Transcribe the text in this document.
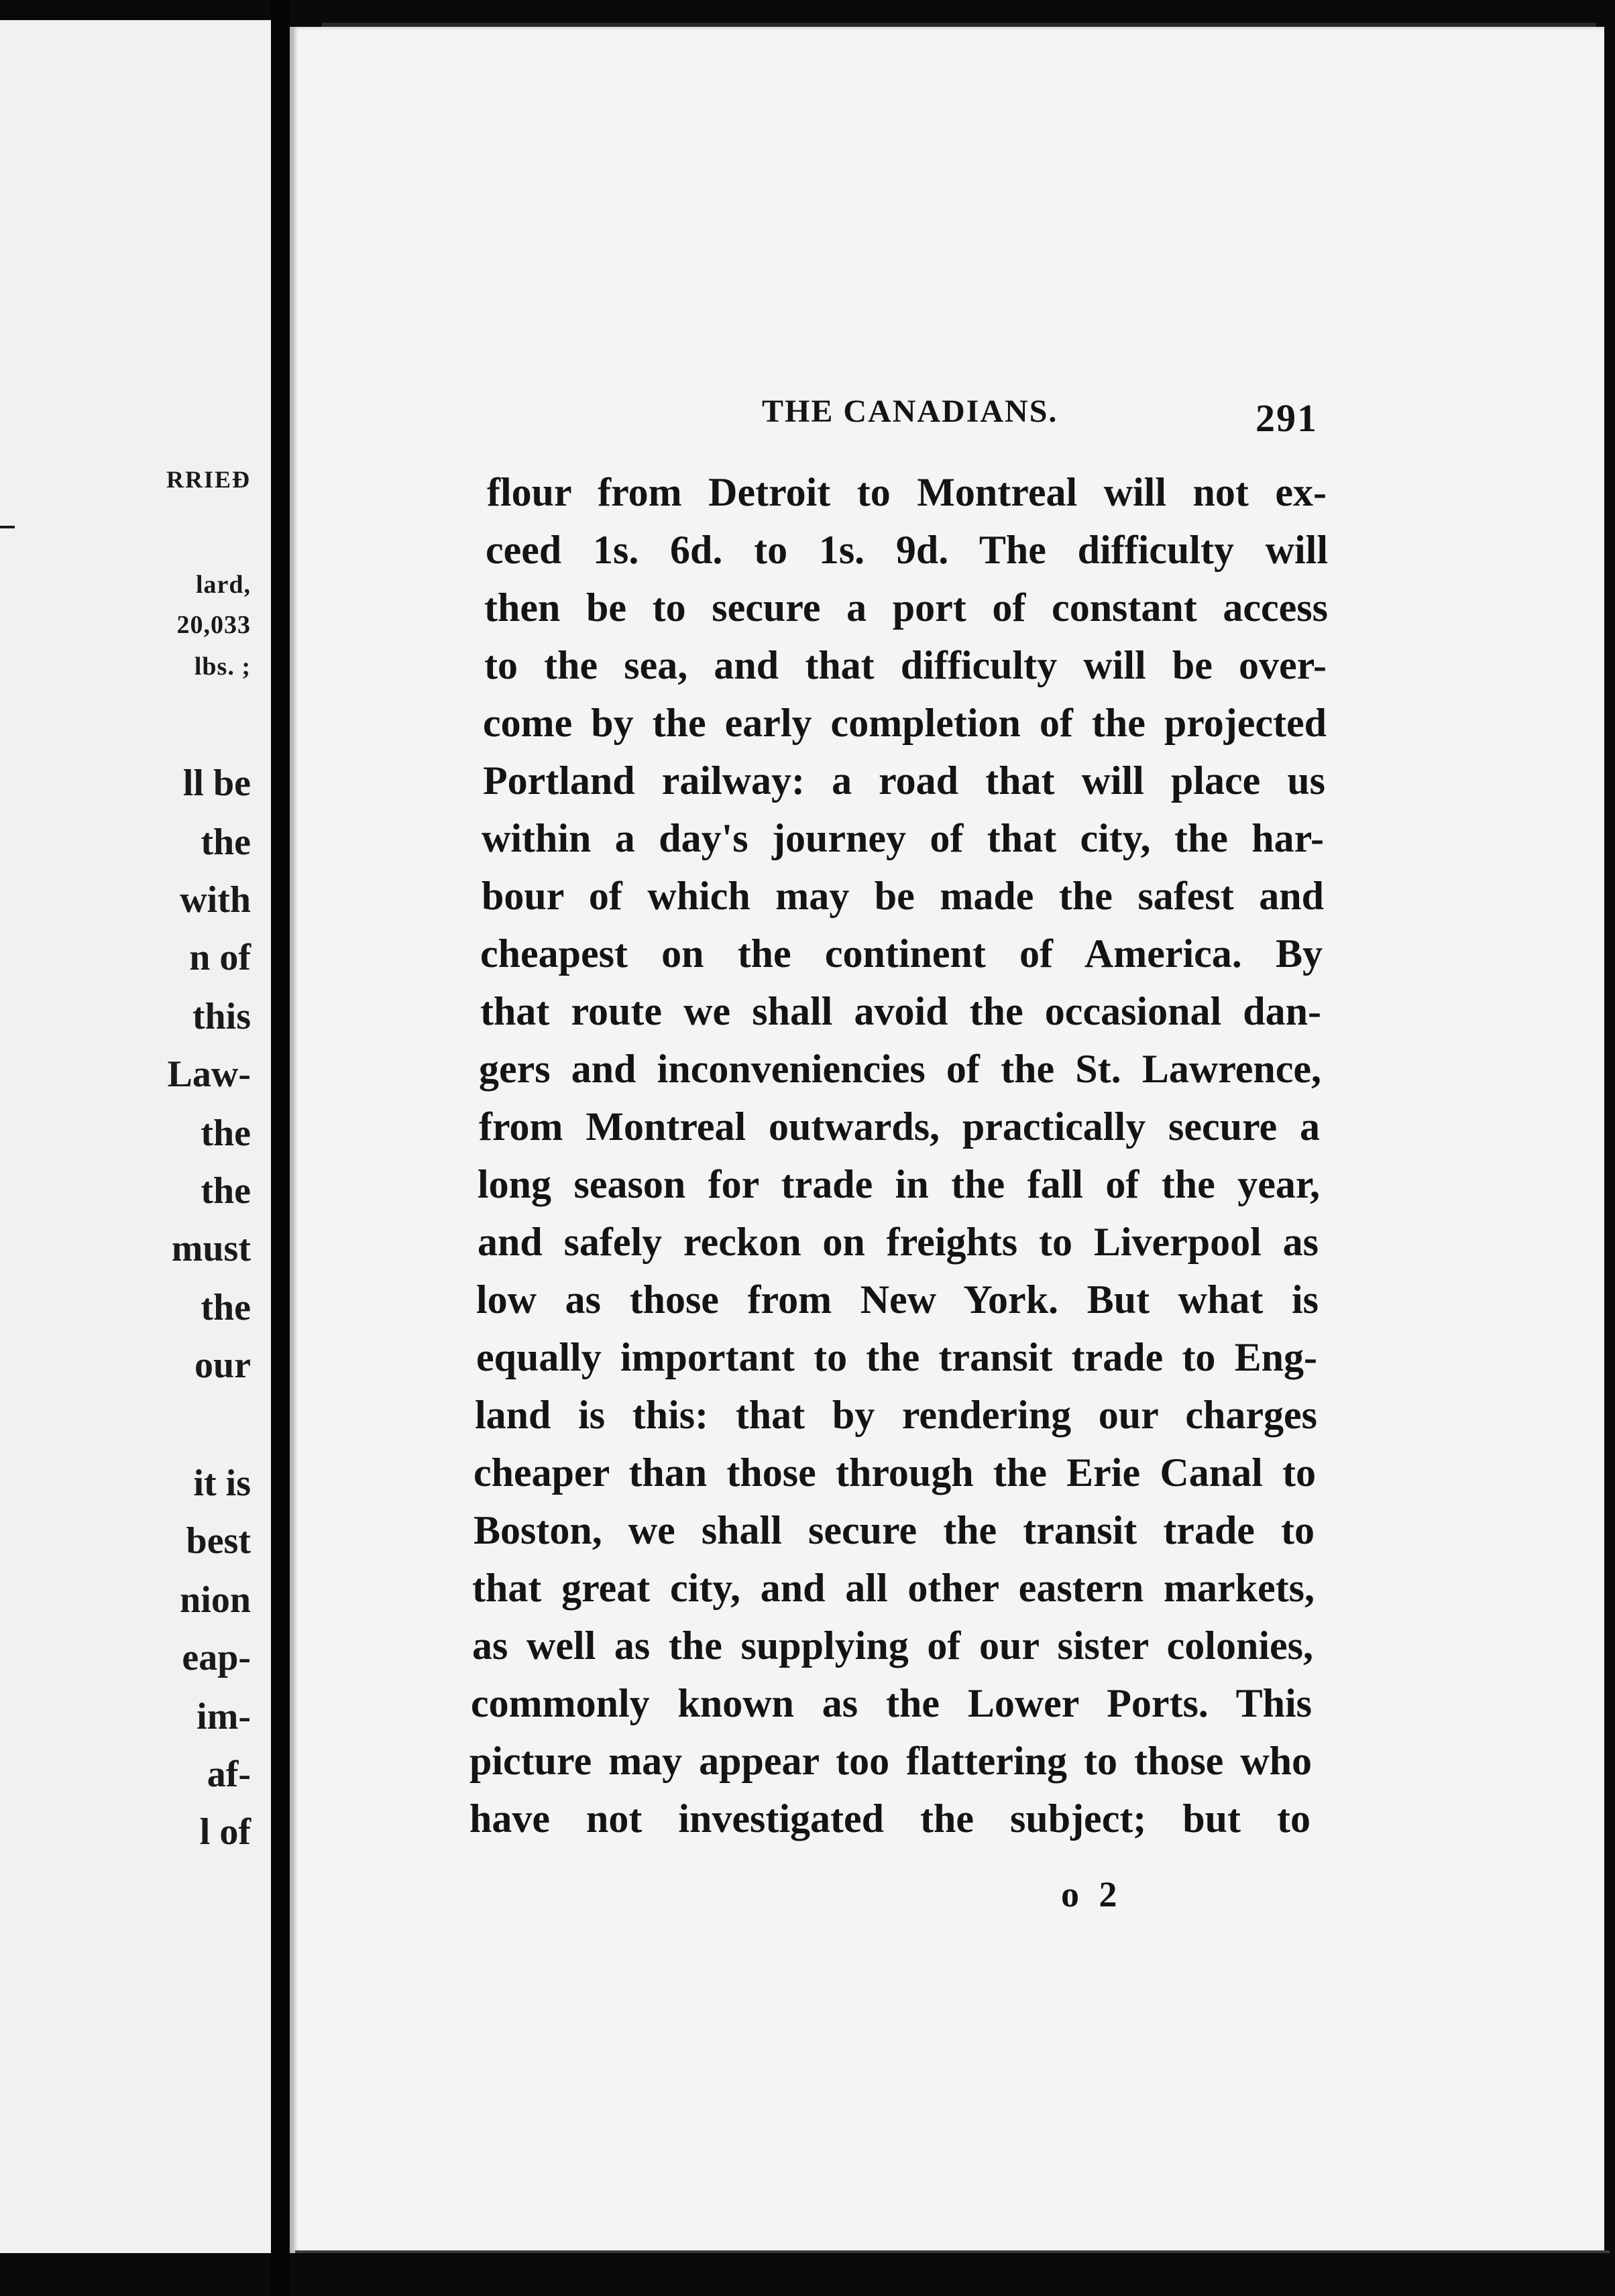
RRIEĐ
lard,
20,033
lbs. ;
ll be
the
with
n of
this
Law-
the
the
must
the
our
it is
best
nion
eap-
im-
af-
l of
THE CANADIANS.	291
flour from Detroit to Montreal will not ex-
ceed 1s. 6d. to 1s. 9d. The difficulty will
then be to secure a port of constant access
to the sea, and that difficulty will be over-
come by the early completion of the projected
Portland railway: a road that will place us
within a day's journey of that city, the har-
bour of which may be made the safest and
cheapest on the continent of America. By
that route we shall avoid the occasional dan-
gers and inconveniencies of the St. Lawrence,
from Montreal outwards, practically secure a
long season for trade in the fall of the year,
and safely reckon on freights to Liverpool as
low as those from New York. But what is
equally important to the transit trade to Eng-
land is this: that by rendering our charges
cheaper than those through the Erie Canal to
Boston, we shall secure the transit trade to
that great city, and all other eastern markets,
as well as the supplying of our sister colonies,
commonly known as the Lower Ports. This
picture may appear too flattering to those who
have not investigated the subject; but to
o 2
